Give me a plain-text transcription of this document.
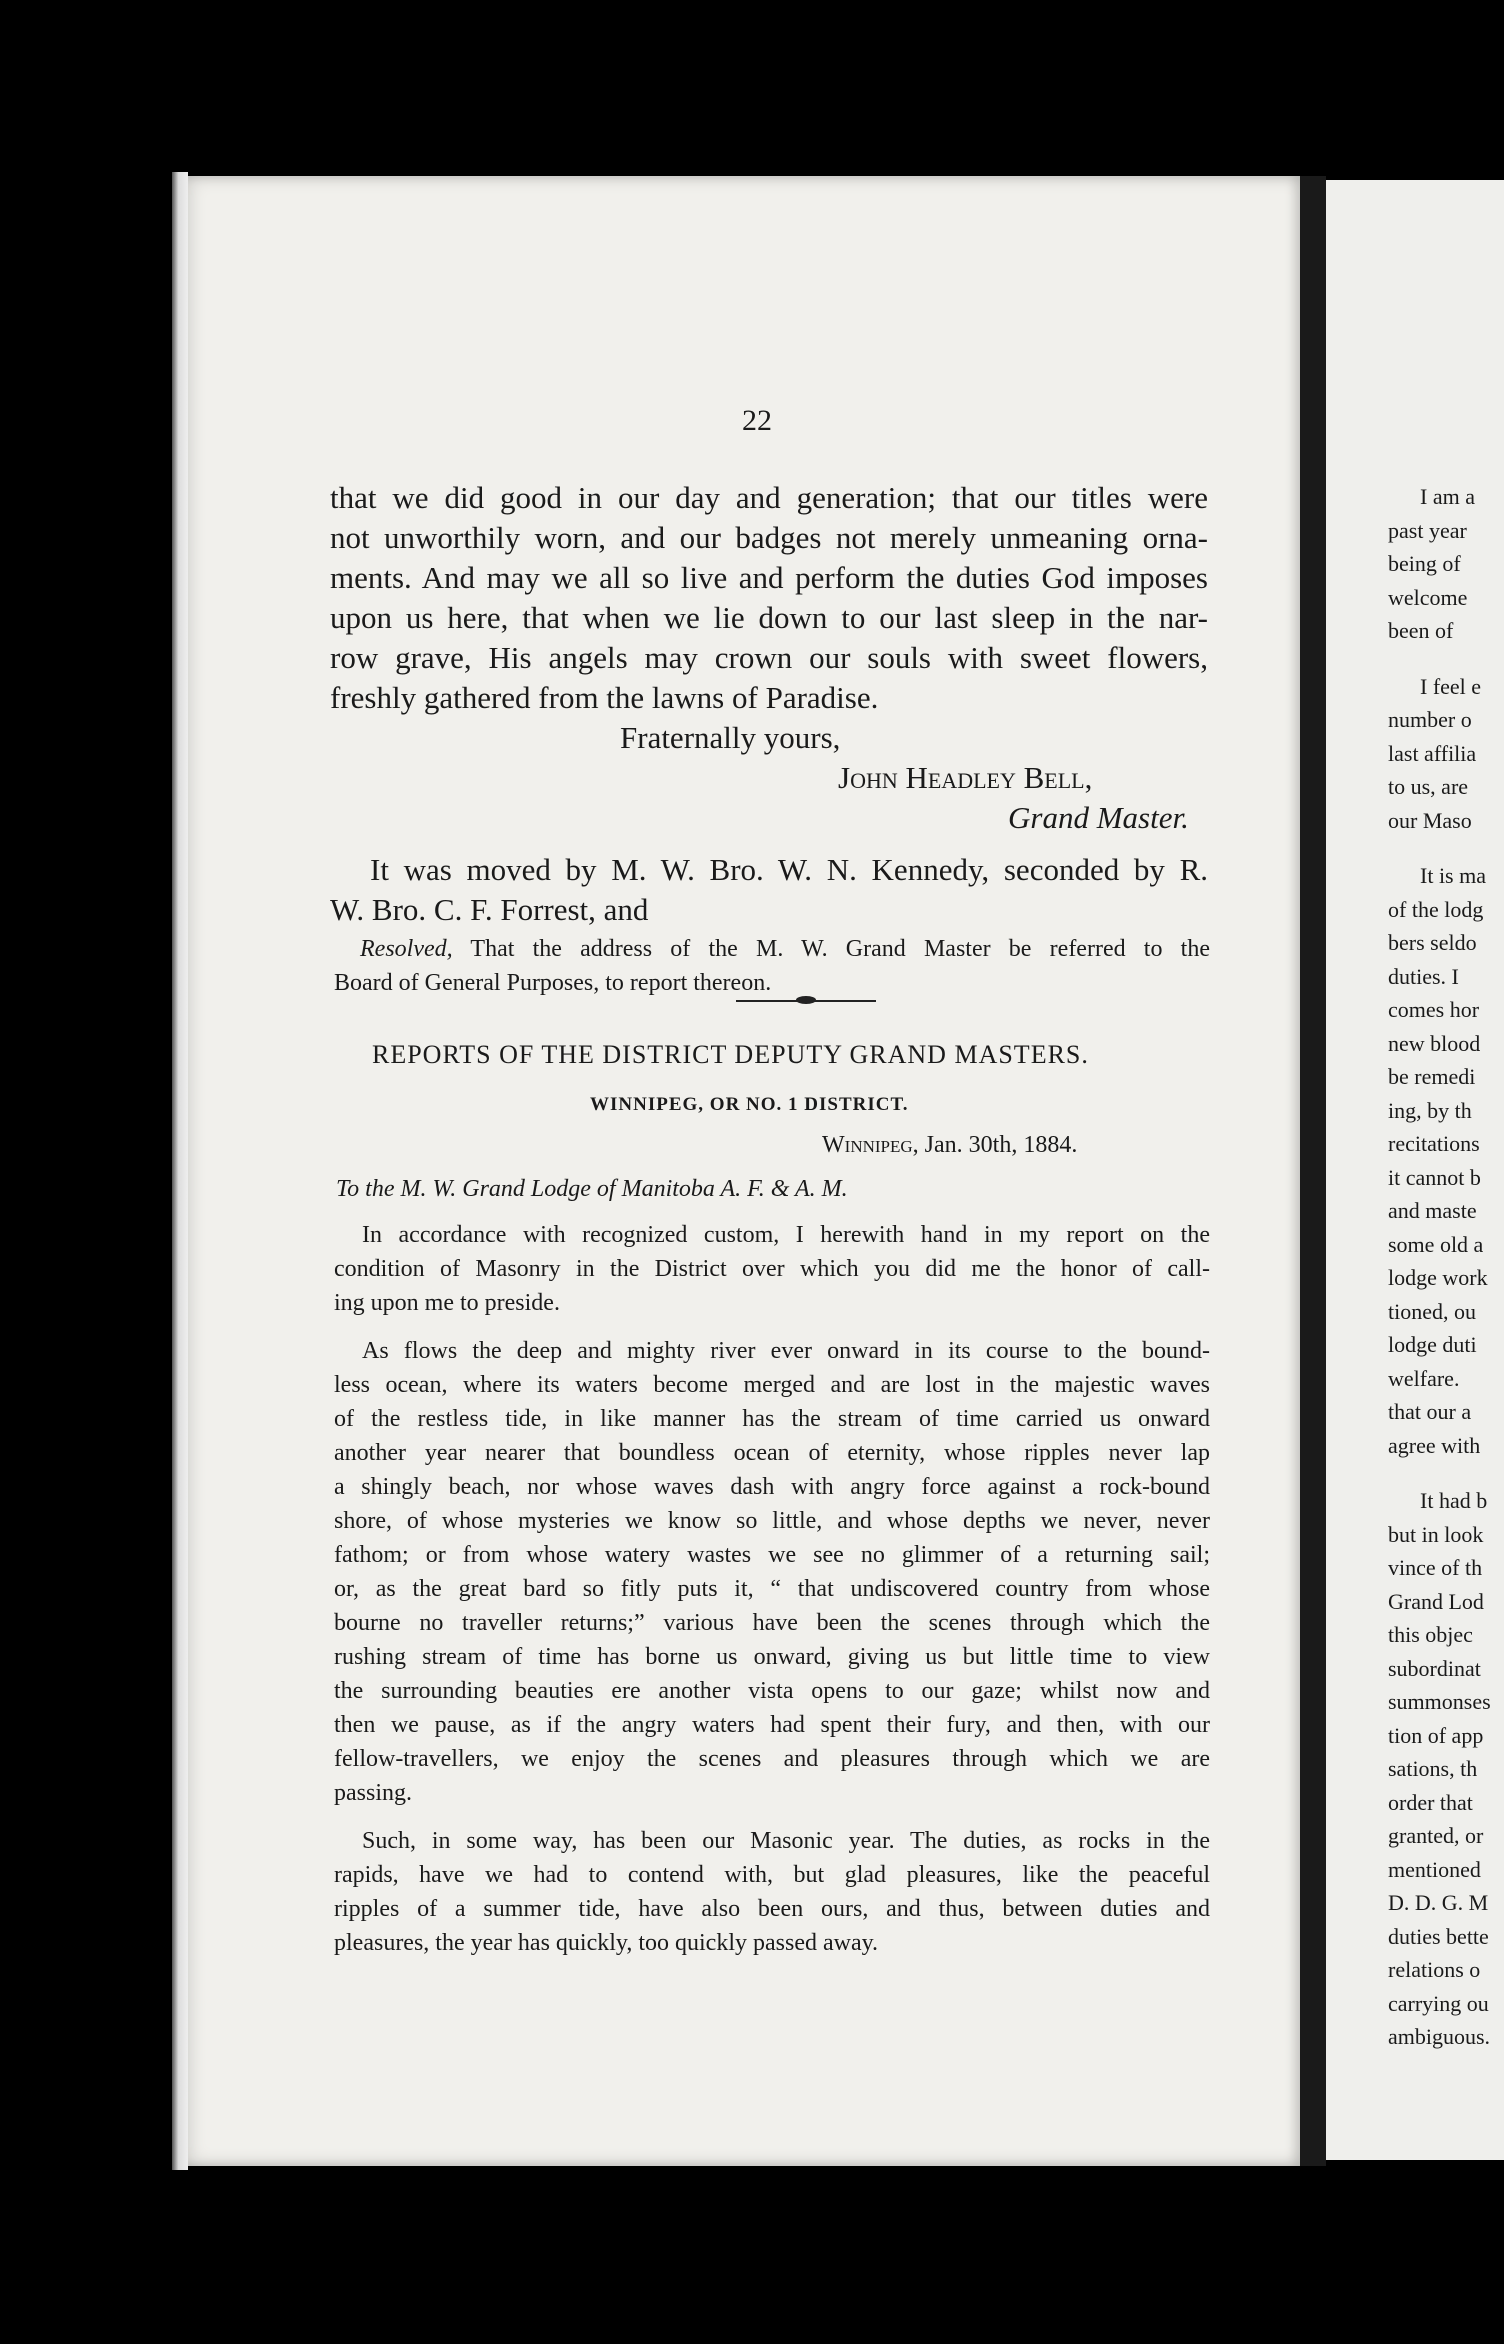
22
that we did good in our day and generation; that our titles were
not unworthily worn, and our badges not merely unmeaning orna-
ments. And may we all so live and perform the duties God imposes
upon us here, that when we lie down to our last sleep in the nar-
row grave, His angels may crown our souls with sweet flowers,
freshly gathered from the lawns of Paradise.
Fraternally yours,
John Headley Bell,
Grand Master.
It was moved by M. W. Bro. W. N. Kennedy, seconded by R.
W. Bro. C. F. Forrest, and
Resolved, That the address of the M. W. Grand Master be referred to the
Board of General Purposes, to report thereon.
REPORTS OF THE DISTRICT DEPUTY GRAND MASTERS.
WINNIPEG, OR NO. 1 DISTRICT.
Winnipeg, Jan. 30th, 1884.
To the M. W. Grand Lodge of Manitoba A. F. & A. M.
In accordance with recognized custom, I herewith hand in my report on the
condition of Masonry in the District over which you did me the honor of call-
ing upon me to preside.
As flows the deep and mighty river ever onward in its course to the bound-
less ocean, where its waters become merged and are lost in the majestic waves
of the restless tide, in like manner has the stream of time carried us onward
another year nearer that boundless ocean of eternity, whose ripples never lap
a shingly beach, nor whose waves dash with angry force against a rock-bound
shore, of whose mysteries we know so little, and whose depths we never, never
fathom; or from whose watery wastes we see no glimmer of a returning sail;
or, as the great bard so fitly puts it, “ that undiscovered country from whose
bourne no traveller returns;” various have been the scenes through which the
rushing stream of time has borne us onward, giving us but little time to view
the surrounding beauties ere another vista opens to our gaze; whilst now and
then we pause, as if the angry waters had spent their fury, and then, with our
fellow-travellers, we enjoy the scenes and pleasures through which we are
passing.
Such, in some way, has been our Masonic year. The duties, as rocks in the
rapids, have we had to contend with, but glad pleasures, like the peaceful
ripples of a summer tide, have also been ours, and thus, between duties and
pleasures, the year has quickly, too quickly passed away.
I am a
past year
being of
welcome
been of
I feel e
number o
last affilia
to us, are
our Maso
It is ma
of the lodg
bers seldo
duties. I
comes hor
new blood
be remedi
ing, by th
recitations
it cannot b
and maste
some old a
lodge work
tioned, ou
lodge duti
welfare.
that our a
agree with
It had b
but in look
vince of th
Grand Lod
this objec
subordinat
summonses
tion of app
sations, th
order that
granted, or
mentioned
D. D. G. M
duties bette
relations o
carrying ou
ambiguous.
